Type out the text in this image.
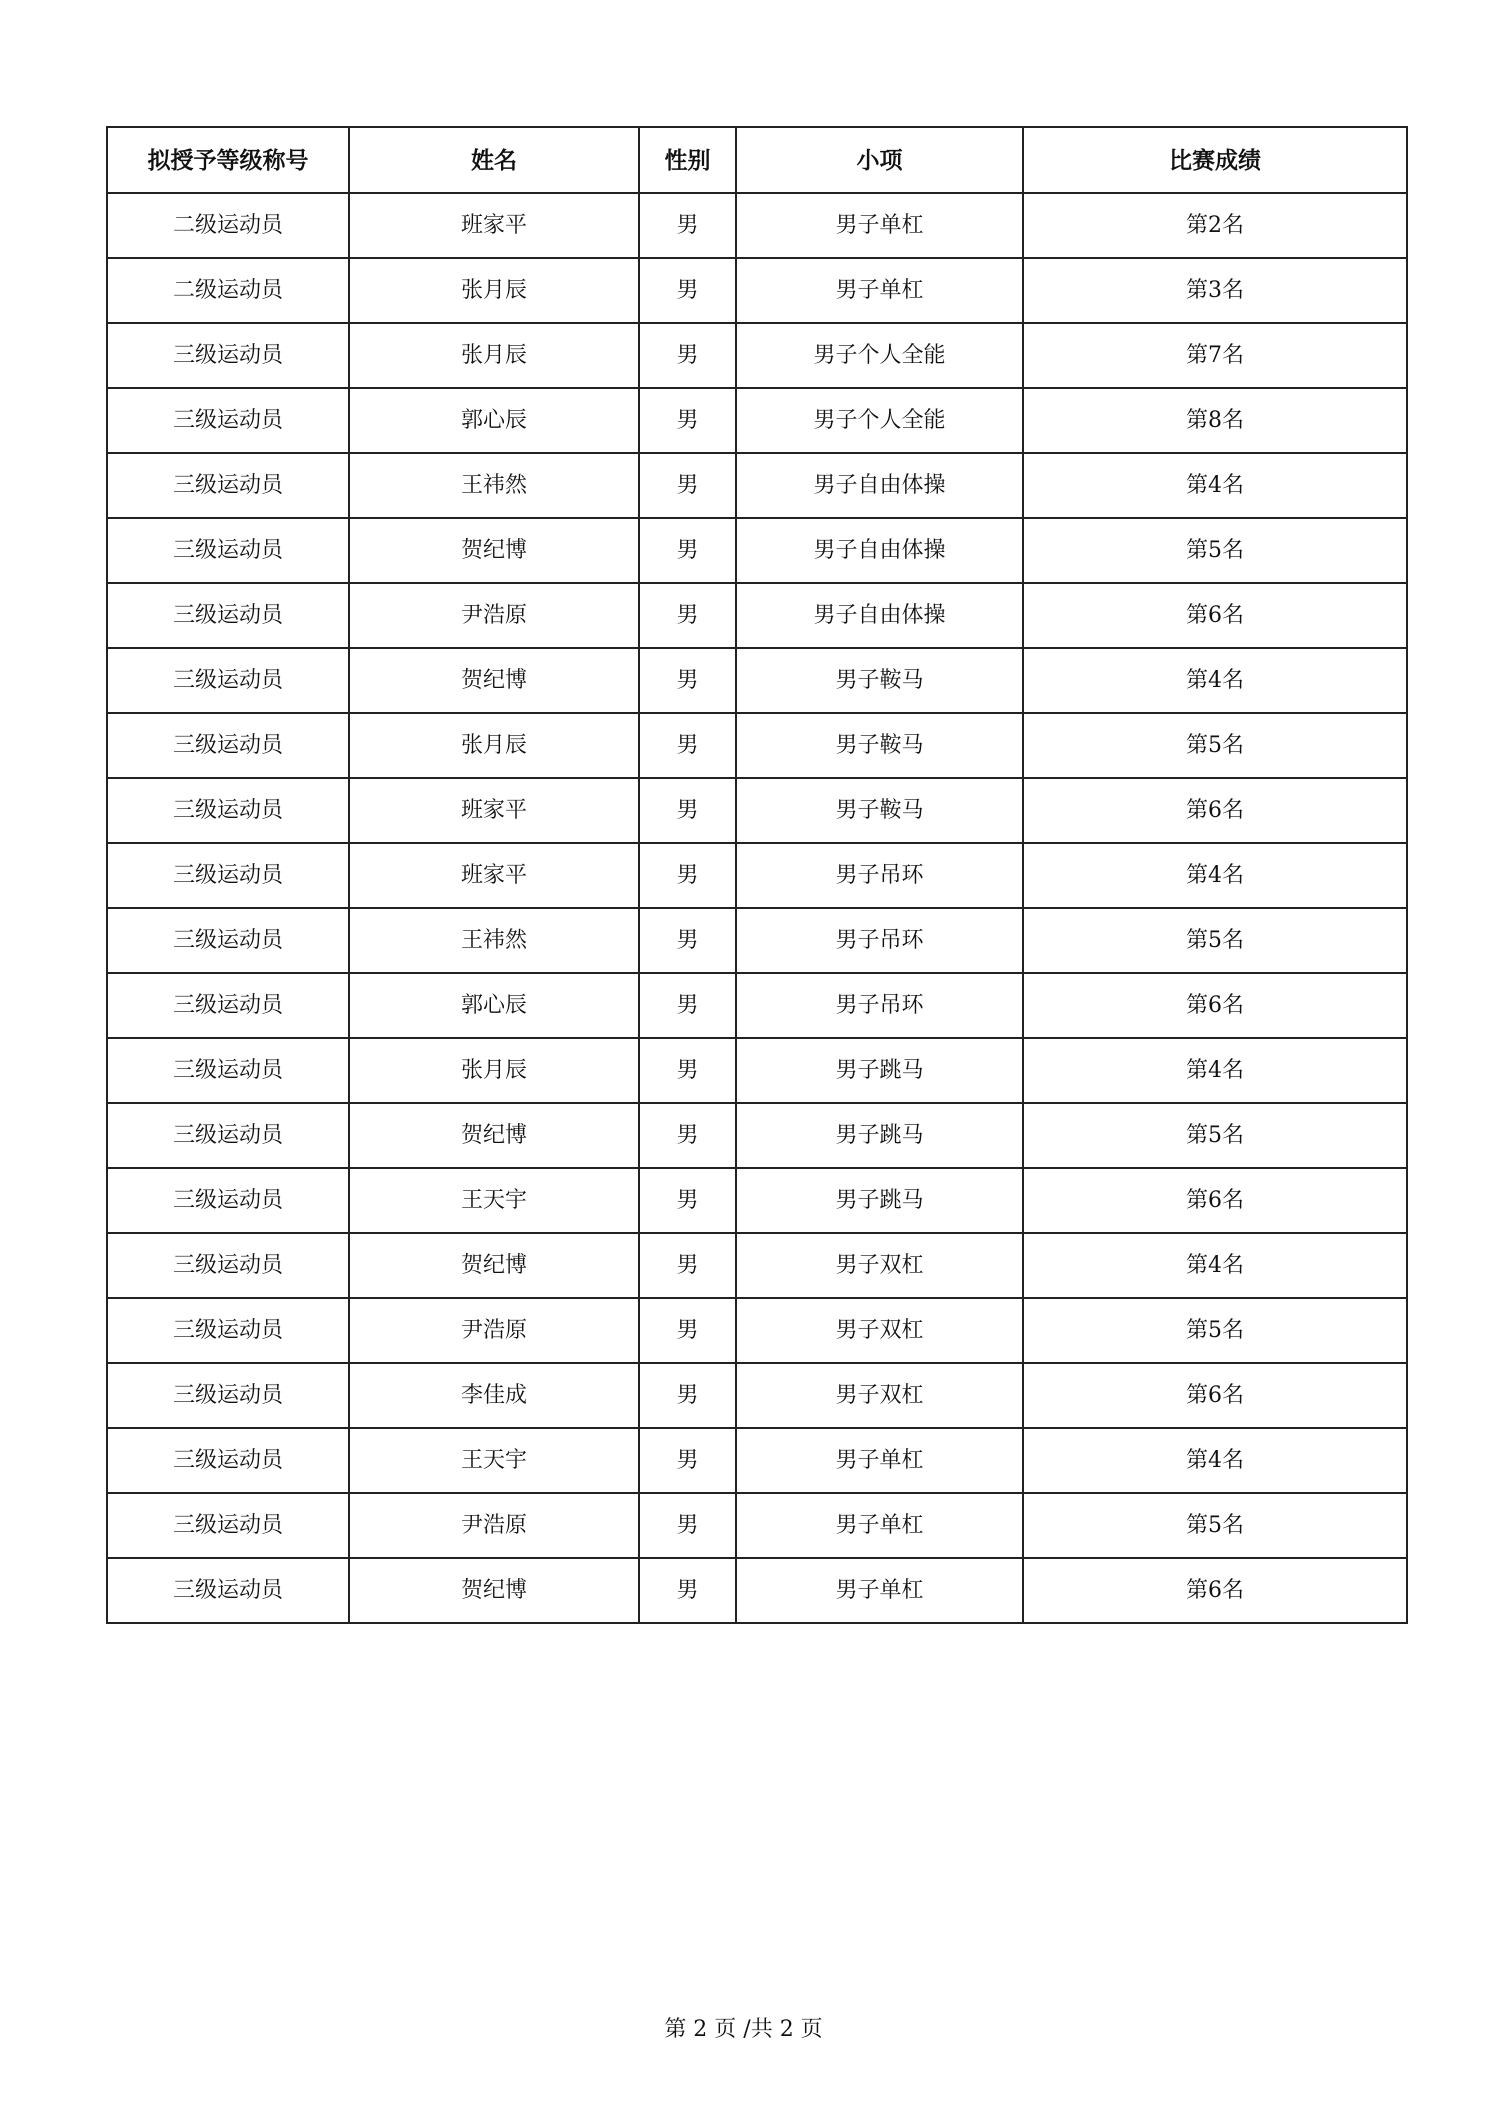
拟授予等级称号	姓名	性别	小项	比赛成绩
二级运动员	班家平	男	男子单杠	第2名
二级运动员	张月辰	男	男子单杠	第3名
三级运动员	张月辰	男	男子个人全能	第7名
三级运动员	郭心辰	男	男子个人全能	第8名
三级运动员	王祎然	男	男子自由体操	第4名
三级运动员	贺纪博	男	男子自由体操	第5名
三级运动员	尹浩原	男	男子自由体操	第6名
三级运动员	贺纪博	男	男子鞍马	第4名
三级运动员	张月辰	男	男子鞍马	第5名
三级运动员	班家平	男	男子鞍马	第6名
三级运动员	班家平	男	男子吊环	第4名
三级运动员	王祎然	男	男子吊环	第5名
三级运动员	郭心辰	男	男子吊环	第6名
三级运动员	张月辰	男	男子跳马	第4名
三级运动员	贺纪博	男	男子跳马	第5名
三级运动员	王天宇	男	男子跳马	第6名
三级运动员	贺纪博	男	男子双杠	第4名
三级运动员	尹浩原	男	男子双杠	第5名
三级运动员	李佳成	男	男子双杠	第6名
三级运动员	王天宇	男	男子单杠	第4名
三级运动员	尹浩原	男	男子单杠	第5名
三级运动员	贺纪博	男	男子单杠	第6名
第 2 页 /共 2 页
